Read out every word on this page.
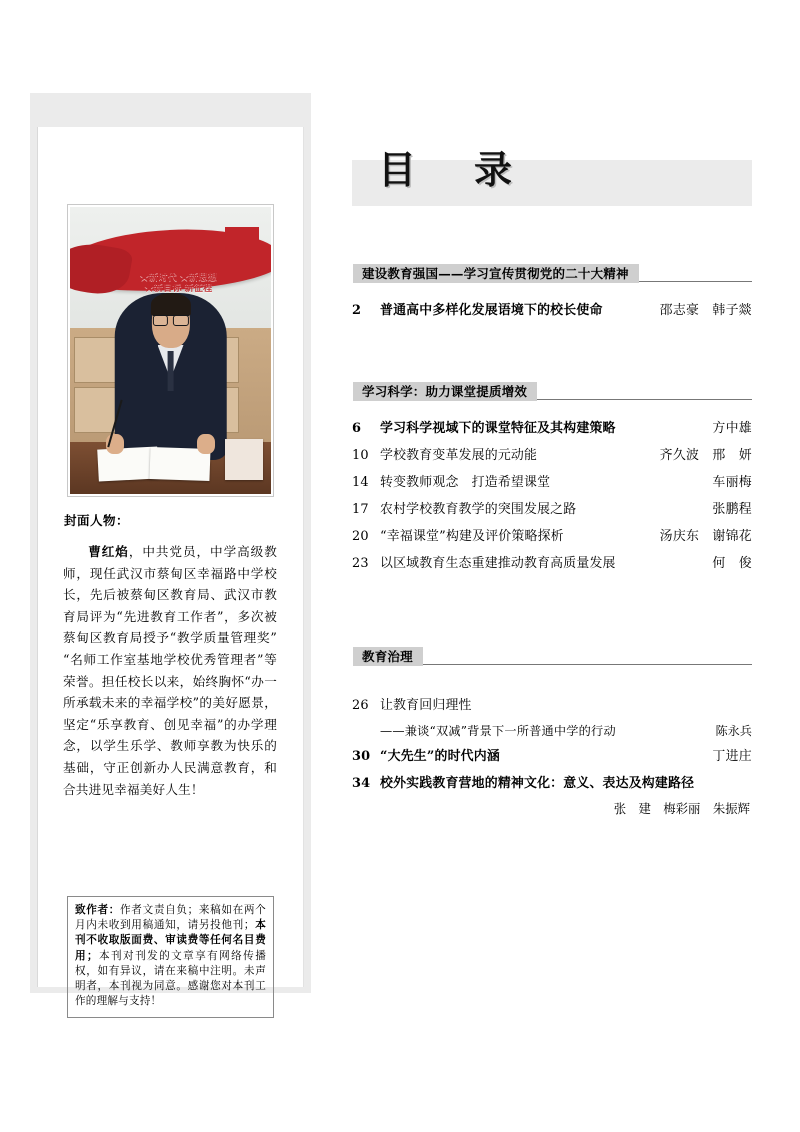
★新时代 ★新思想
★新目标 新征程
封面人物：
曹红焰，中共党员，中学高级教师，现任武汉市蔡甸区幸福路中学校长，先后被蔡甸区教育局、武汉市教育局评为“先进教育工作者”，多次被蔡甸区教育局授予“教学质量管理奖”“名师工作室基地学校优秀管理者”等荣誉。担任校长以来，始终胸怀“办一所承载未来的幸福学校”的美好愿景，坚定“乐享教育、创见幸福”的办学理念，以学生乐学、教师享教为快乐的基础，守正创新办人民满意教育，和合共进见幸福美好人生！
致作者：作者文责自负；来稿如在两个月内未收到用稿通知，请另投他刊；本刊不收取版面费、审读费等任何名目费用；本刊对刊发的文章享有网络传播权，如有异议，请在来稿中注明。未声明者，本刊视为同意。感谢您对本刊工作的理解与支持！
目　录
建设教育强国——学习宣传贯彻党的二十大精神
2	普通高中多样化发展语境下的校长使命	邵志豪　韩子燚
学习科学：助力课堂提质增效
6	学习科学视域下的课堂特征及其构建策略	方中雄
10 学校教育变革发展的元动能	齐久波　邢　妍
14 转变教师观念　打造希望课堂	车丽梅
17 农村学校教育教学的突围发展之路	张鹏程
20 “幸福课堂”构建及评价策略探析	汤庆东　谢锦花
23 以区域教育生态重建推动教育高质量发展	何　俊
教育治理
26 让教育回归理性
——兼谈“双减”背景下一所普通中学的行动	陈永兵
30 “大先生”的时代内涵	丁进庄
34 校外实践教育营地的精神文化：意义、表达及构建路径
张　建　梅彩丽　朱振辉
